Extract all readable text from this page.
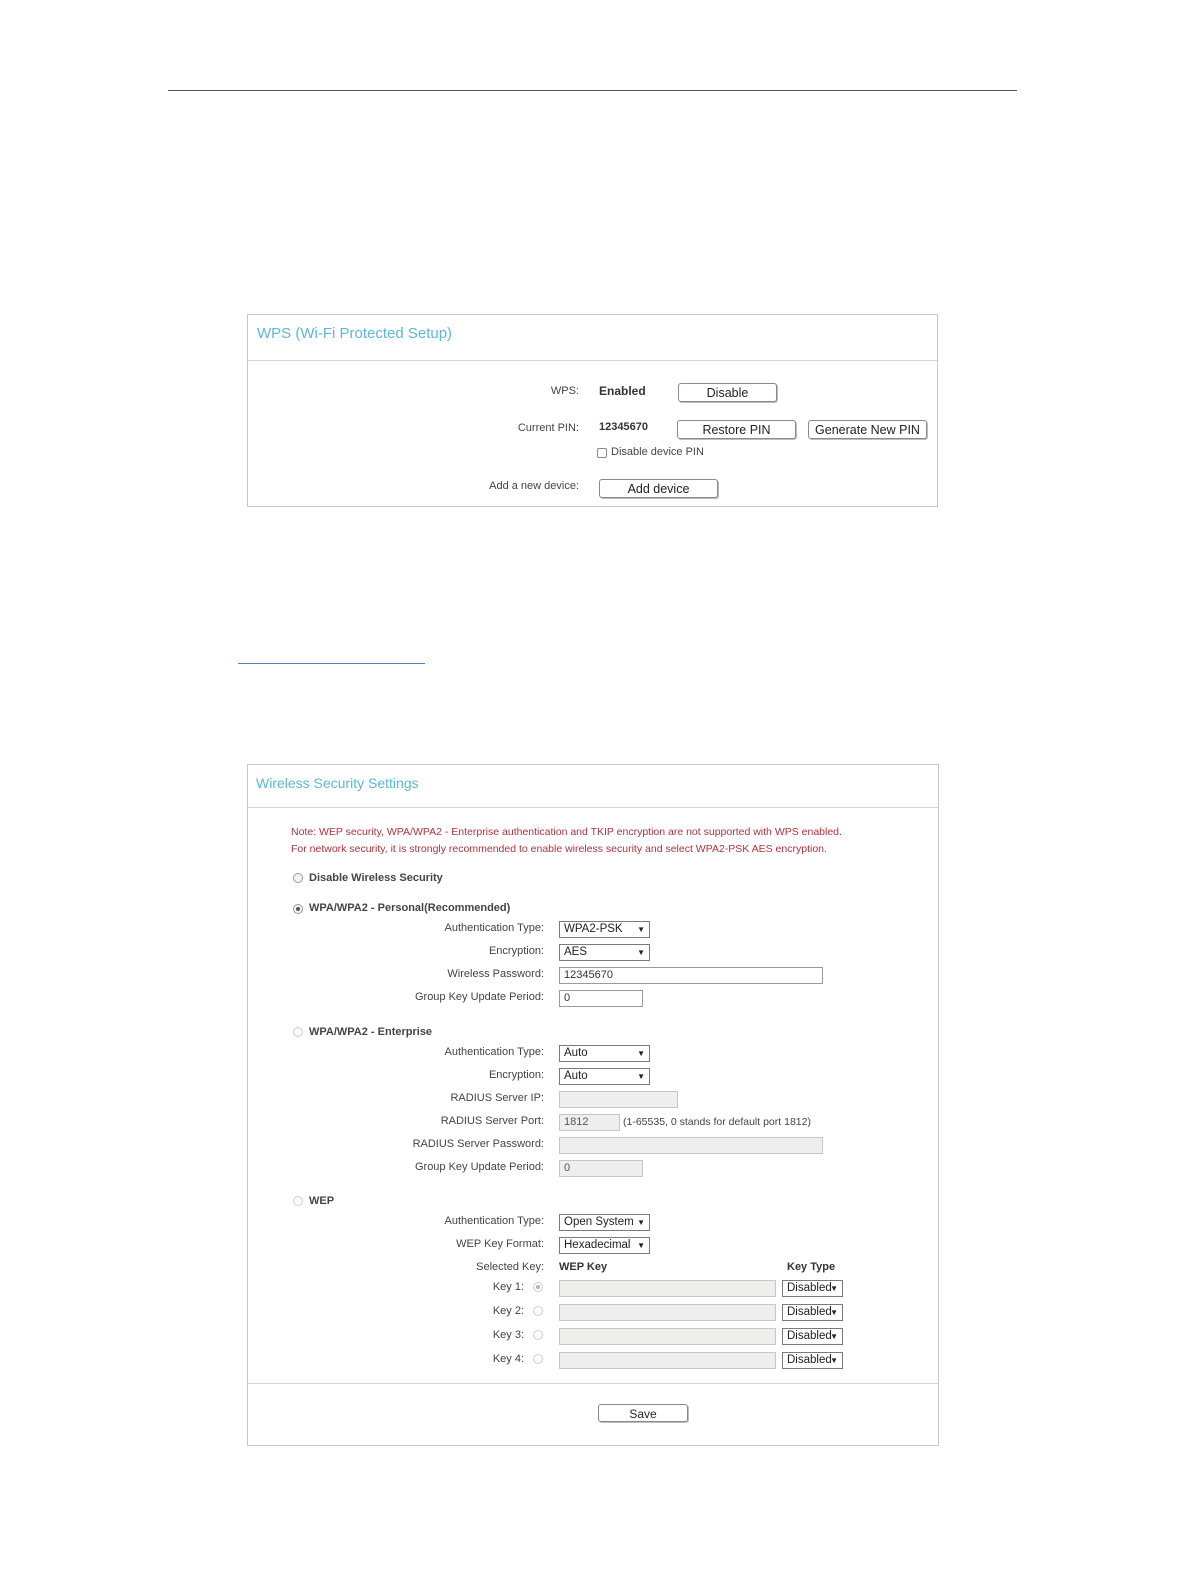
WPS (Wi-Fi Protected Setup)
WPS: Enabled	Disable
Current PIN: 12345670	Restore PIN	Generate New PIN
Disable device PIN
Add a new device:	Add device
Wireless Security Settings
Note: WEP security, WPA/WPA2 - Enterprise authentication and TKIP encryption are not supported with WPS enabled.
For network security, it is strongly recommended to enable wireless security and select WPA2-PSK AES encryption.
Disable Wireless Security
WPA/WPA2 - Personal(Recommended)
Authentication Type:	WPA2-PSK ▼
Encryption:	AES	▼
Wireless Password:	12345670
Group Key Update Period:	0
WPA/WPA2 - Enterprise
Authentication Type:	Auto	▼
Encryption:	Auto	▼
RADIUS Server IP:
RADIUS Server Port:	1812	(1-65535, 0 stands for default port 1812)
RADIUS Server Password:
Group Key Update Period:	0
WEP
Authentication Type:	Open System ▼
WEP Key Format:	Hexadecimal ▼
Selected Key: WEP Key	Key Type
Key 1:	Disabled
▼
Key 2:	Disabled
▼
Key 3:	Disabled
▼
Key 4:	Disabled
▼
Save
